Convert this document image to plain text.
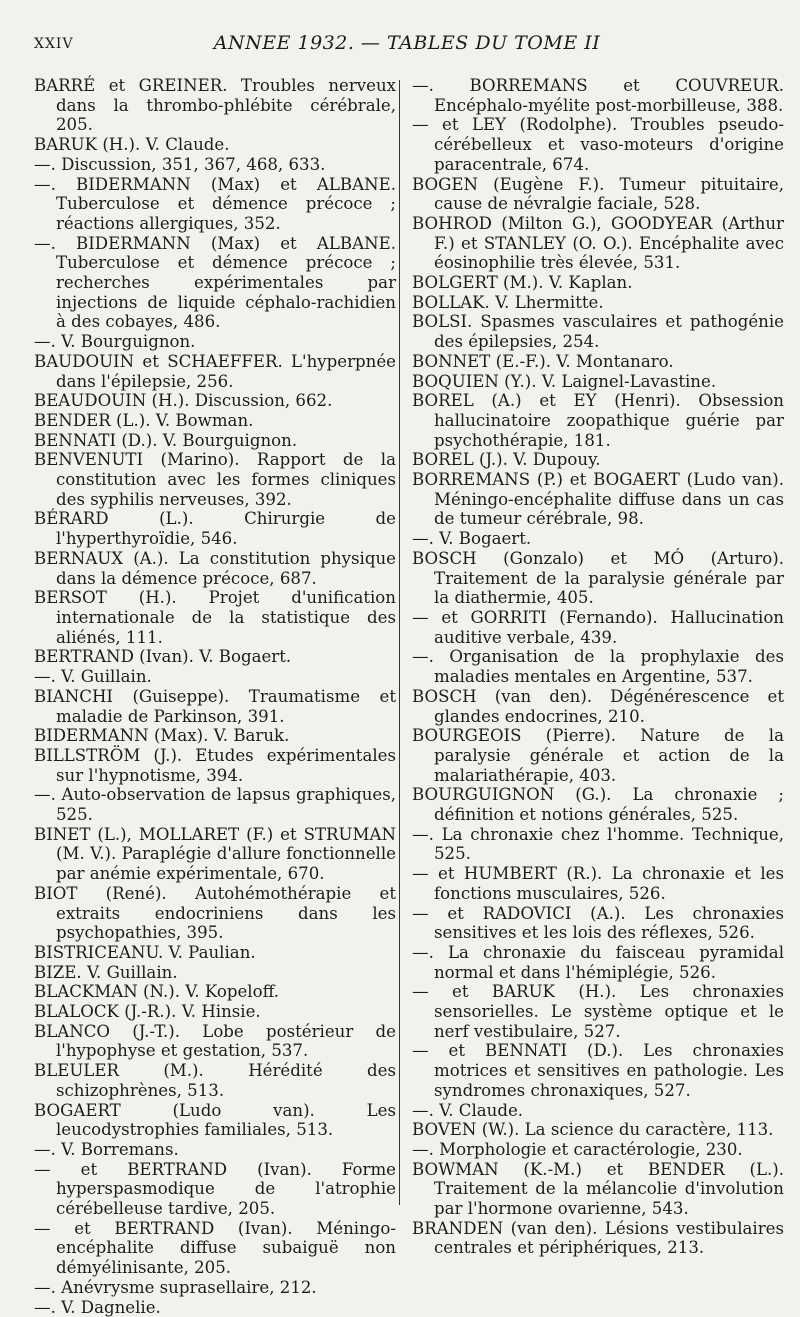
XXIV	ANNEE 1932. — TABLES DU TOME II

BARRÉ et GREINER. Troubles nerveux dans la thrombo-phlébite cérébrale, 205.

BARUK (H.). V. Claude.

—. Discussion, 351, 367, 468, 633.

—. BIDERMANN (Max) et ALBANE. Tuberculose et démence précoce ; réactions allergiques, 352.

—. BIDERMANN (Max) et ALBANE. Tuberculose et démence précoce ; recherches expérimentales par injections de liquide céphalo-rachidien à des cobayes, 486.

—. V. Bourguignon.

BAUDOUIN et SCHAEFFER. L'hyperpnée dans l'épilepsie, 256.

BEAUDOUIN (H.). Discussion, 662.

BENDER (L.). V. Bowman.

BENNATI (D.). V. Bourguignon.

BENVENUTI (Marino). Rapport de la constitution avec les formes cliniques des syphilis nerveuses, 392.

BÉRARD (L.). Chirurgie de l'hyperthyroïdie, 546.

BERNAUX (A.). La constitution physique dans la démence précoce, 687.

BERSOT (H.). Projet d'unification internationale de la statistique des aliénés, 111.

BERTRAND (Ivan). V. Bogaert.

—. V. Guillain.

BIANCHI (Guiseppe). Traumatisme et maladie de Parkinson, 391.

BIDERMANN (Max). V. Baruk.

BILLSTRÖM (J.). Etudes expérimentales sur l'hypnotisme, 394.

—. Auto-observation de lapsus graphiques, 525.

BINET (L.), MOLLARET (F.) et STRUMAN (M. V.). Paraplégie d'allure fonctionnelle par anémie expérimentale, 670.

BIOT (René). Autohémothérapie et extraits endocriniens dans les psychopathies, 395.

BISTRICEANU. V. Paulian.

BIZE. V. Guillain.

BLACKMAN (N.). V. Kopeloff.

BLALOCK (J.-R.). V. Hinsie.

BLANCO (J.-T.). Lobe postérieur de l'hypophyse et gestation, 537.

BLEULER (M.). Hérédité des schizophrènes, 513.

BOGAERT (Ludo van). Les leucodystrophies familiales, 513.

—. V. Borremans.

— et BERTRAND (Ivan). Forme hyperspasmodique de l'atrophie cérébelleuse tardive, 205.

— et BERTRAND (Ivan). Méningo-encéphalite diffuse subaiguë non démyélinisante, 205.

—. Anévrysme suprasellaire, 212.

—. V. Dagnelie.

—. BORREMANS et COUVREUR. Encéphalo-myélite post-morbilleuse, 388.

— et LEY (Rodolphe). Troubles pseudo-cérébelleux et vaso-moteurs d'origine paracentrale, 674.

BOGEN (Eugène F.). Tumeur pituitaire, cause de névralgie faciale, 528.

BOHROD (Milton G.), GOODYEAR (Arthur F.) et STANLEY (O. O.). Encéphalite avec éosinophilie très élevée, 531.

BOLGERT (M.). V. Kaplan.

BOLLAK. V. Lhermitte.

BOLSI. Spasmes vasculaires et pathogénie des épilepsies, 254.

BONNET (E.-F.). V. Montanaro.

BOQUIEN (Y.). V. Laignel-Lavastine.

BOREL (A.) et EY (Henri). Obsession hallucinatoire zoopathique guérie par psychothérapie, 181.

BOREL (J.). V. Dupouy.

BORREMANS (P.) et BOGAERT (Ludo van). Méningo-encéphalite diffuse dans un cas de tumeur cérébrale, 98.

—. V. Bogaert.

BOSCH (Gonzalo) et MÓ (Arturo). Traitement de la paralysie générale par la diathermie, 405.

— et GORRITI (Fernando). Hallucination auditive verbale, 439.

—. Organisation de la prophylaxie des maladies mentales en Argentine, 537.

BOSCH (van den). Dégénérescence et glandes endocrines, 210.

BOURGEOIS (Pierre). Nature de la paralysie générale et action de la malariathérapie, 403.

BOURGUIGNON (G.). La chronaxie ; définition et notions générales, 525.

—. La chronaxie chez l'homme. Technique, 525.

— et HUMBERT (R.). La chronaxie et les fonctions musculaires, 526.

— et RADOVICI (A.). Les chronaxies sensitives et les lois des réflexes, 526.

—. La chronaxie du faisceau pyramidal normal et dans l'hémiplégie, 526.

— et BARUK (H.). Les chronaxies sensorielles. Le système optique et le nerf vestibulaire, 527.

— et BENNATI (D.). Les chronaxies motrices et sensitives en pathologie. Les syndromes chronaxiques, 527.

—. V. Claude.

BOVEN (W.). La science du caractère, 113.

—. Morphologie et caractérologie, 230.

BOWMAN (K.-M.) et BENDER (L.). Traitement de la mélancolie d'involution par l'hormone ovarienne, 543.

BRANDEN (van den). Lésions vestibulaires centrales et périphériques, 213.
